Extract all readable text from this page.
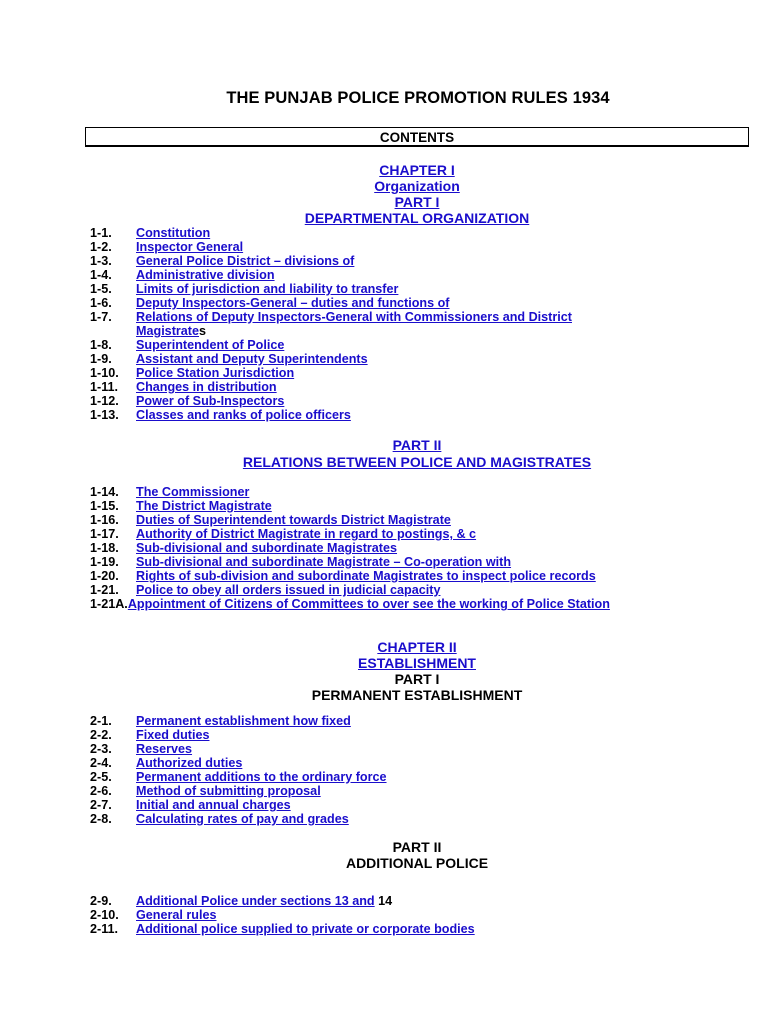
THE PUNJAB POLICE PROMOTION RULES 1934
CONTENTS
CHAPTER I
Organization
PART I
DEPARTMENTAL ORGANIZATION
1-1. Constitution
1-2. Inspector General
1-3. General Police District – divisions of
1-4. Administrative division
1-5. Limits of jurisdiction and liability to transfer
1-6. Deputy Inspectors-General – duties and functions of
1-7. Relations of Deputy Inspectors-General with Commissioners and District
Magistrates
1-8. Superintendent of Police
1-9. Assistant and Deputy Superintendents
1-10. Police Station Jurisdiction
1-11. Changes in distribution
1-12. Power of Sub-Inspectors
1-13. Classes and ranks of police officers
PART II
RELATIONS BETWEEN POLICE AND MAGISTRATES
1-14. The Commissioner
1-15. The District Magistrate
1-16. Duties of Superintendent towards District Magistrate
1-17. Authority of District Magistrate in regard to postings, & c
1-18. Sub-divisional and subordinate Magistrates
1-19. Sub-divisional and subordinate Magistrate – Co-operation with
1-20. Rights of sub-division and subordinate Magistrates to inspect police records
1-21. Police to obey all orders issued in judicial capacity
1-21A.Appointment of Citizens of Committees to over see the working of Police Station
CHAPTER II
ESTABLISHMENT
PART I
PERMANENT ESTABLISHMENT
2-1. Permanent establishment how fixed
2-2. Fixed duties
2-3. Reserves
2-4. Authorized duties
2-5. Permanent additions to the ordinary force
2-6. Method of submitting proposal
2-7. Initial and annual charges
2-8. Calculating rates of pay and grades
PART II
ADDITIONAL POLICE
2-9. Additional Police under sections 13 and 14
2-10. General rules
2-11. Additional police supplied to private or corporate bodies
